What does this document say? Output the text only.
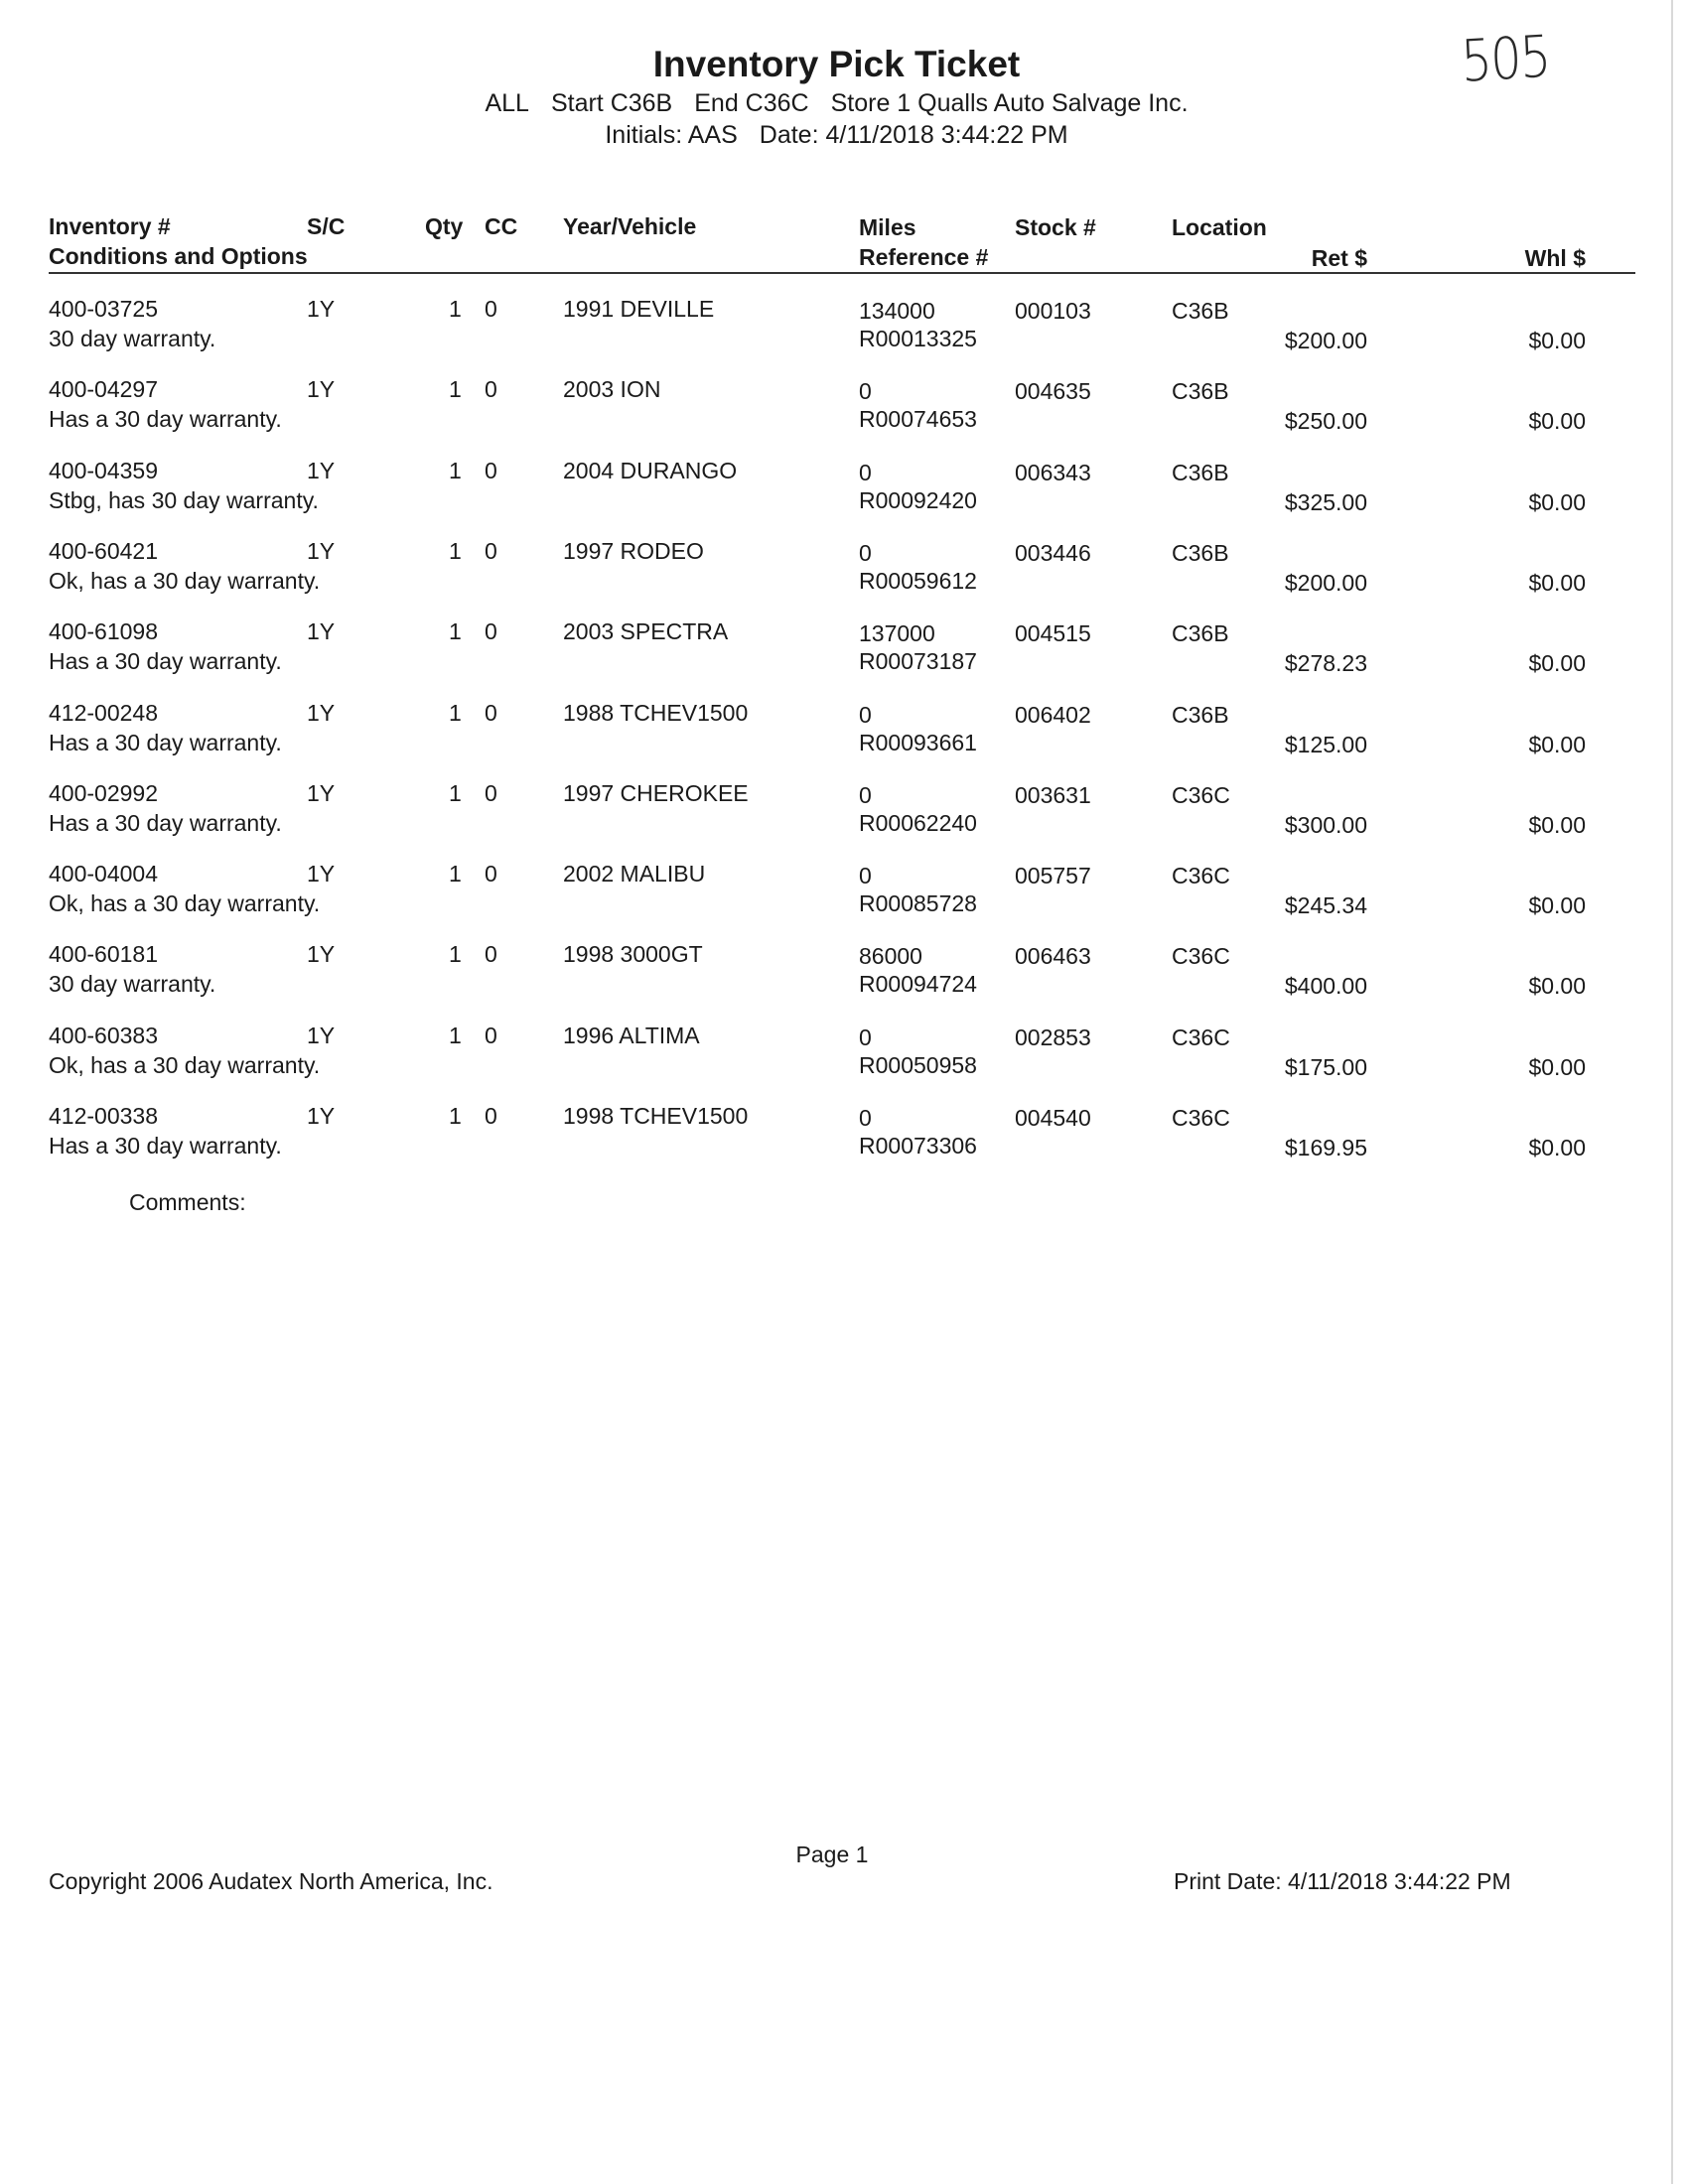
Inventory Pick Ticket
ALL Start C36B End C36C Store 1 Qualls Auto Salvage Inc.
Initials: AAS Date: 4/11/2018 3:44:22 PM
505
Inventory #	S/C	Qty CC Year/Vehicle	Miles	Stock #	Location
Conditions and Options	Reference #	Ret $	Whl $
400-03725	1Y	1 0	1991 DEVILLE	134000	000103	C36B
30 day warranty.	R00013325	$200.00	$0.00
400-04297	1Y	1 0	2003 ION	0	004635	C36B
Has a 30 day warranty.	R00074653	$250.00	$0.00
400-04359	1Y	1 0	2004 DURANGO	0	006343	C36B
Stbg, has 30 day warranty.	R00092420	$325.00	$0.00
400-60421	1Y	1 0	1997 RODEO	0	003446	C36B
Ok, has a 30 day warranty.	R00059612	$200.00	$0.00
400-61098	1Y	1 0	2003 SPECTRA	137000	004515	C36B
Has a 30 day warranty.	R00073187	$278.23	$0.00
412-00248	1Y	1 0	1988 TCHEV1500	0	006402	C36B
Has a 30 day warranty.	R00093661	$125.00	$0.00
400-02992	1Y	1 0	1997 CHEROKEE	0	003631	C36C
Has a 30 day warranty.	R00062240	$300.00	$0.00
400-04004	1Y	1 0	2002 MALIBU	0	005757	C36C
Ok, has a 30 day warranty.	R00085728	$245.34	$0.00
400-60181	1Y	1 0	1998 3000GT	86000	006463	C36C
30 day warranty.	R00094724	$400.00	$0.00
400-60383	1Y	1 0	1996 ALTIMA	0	002853	C36C
Ok, has a 30 day warranty.	R00050958	$175.00	$0.00
412-00338	1Y	1 0	1998 TCHEV1500	0	004540	C36C
Has a 30 day warranty.	R00073306	$169.95	$0.00
Comments:
Page 1
Copyright 2006 Audatex North America, Inc.	Print Date: 4/11/2018 3:44:22 PM
